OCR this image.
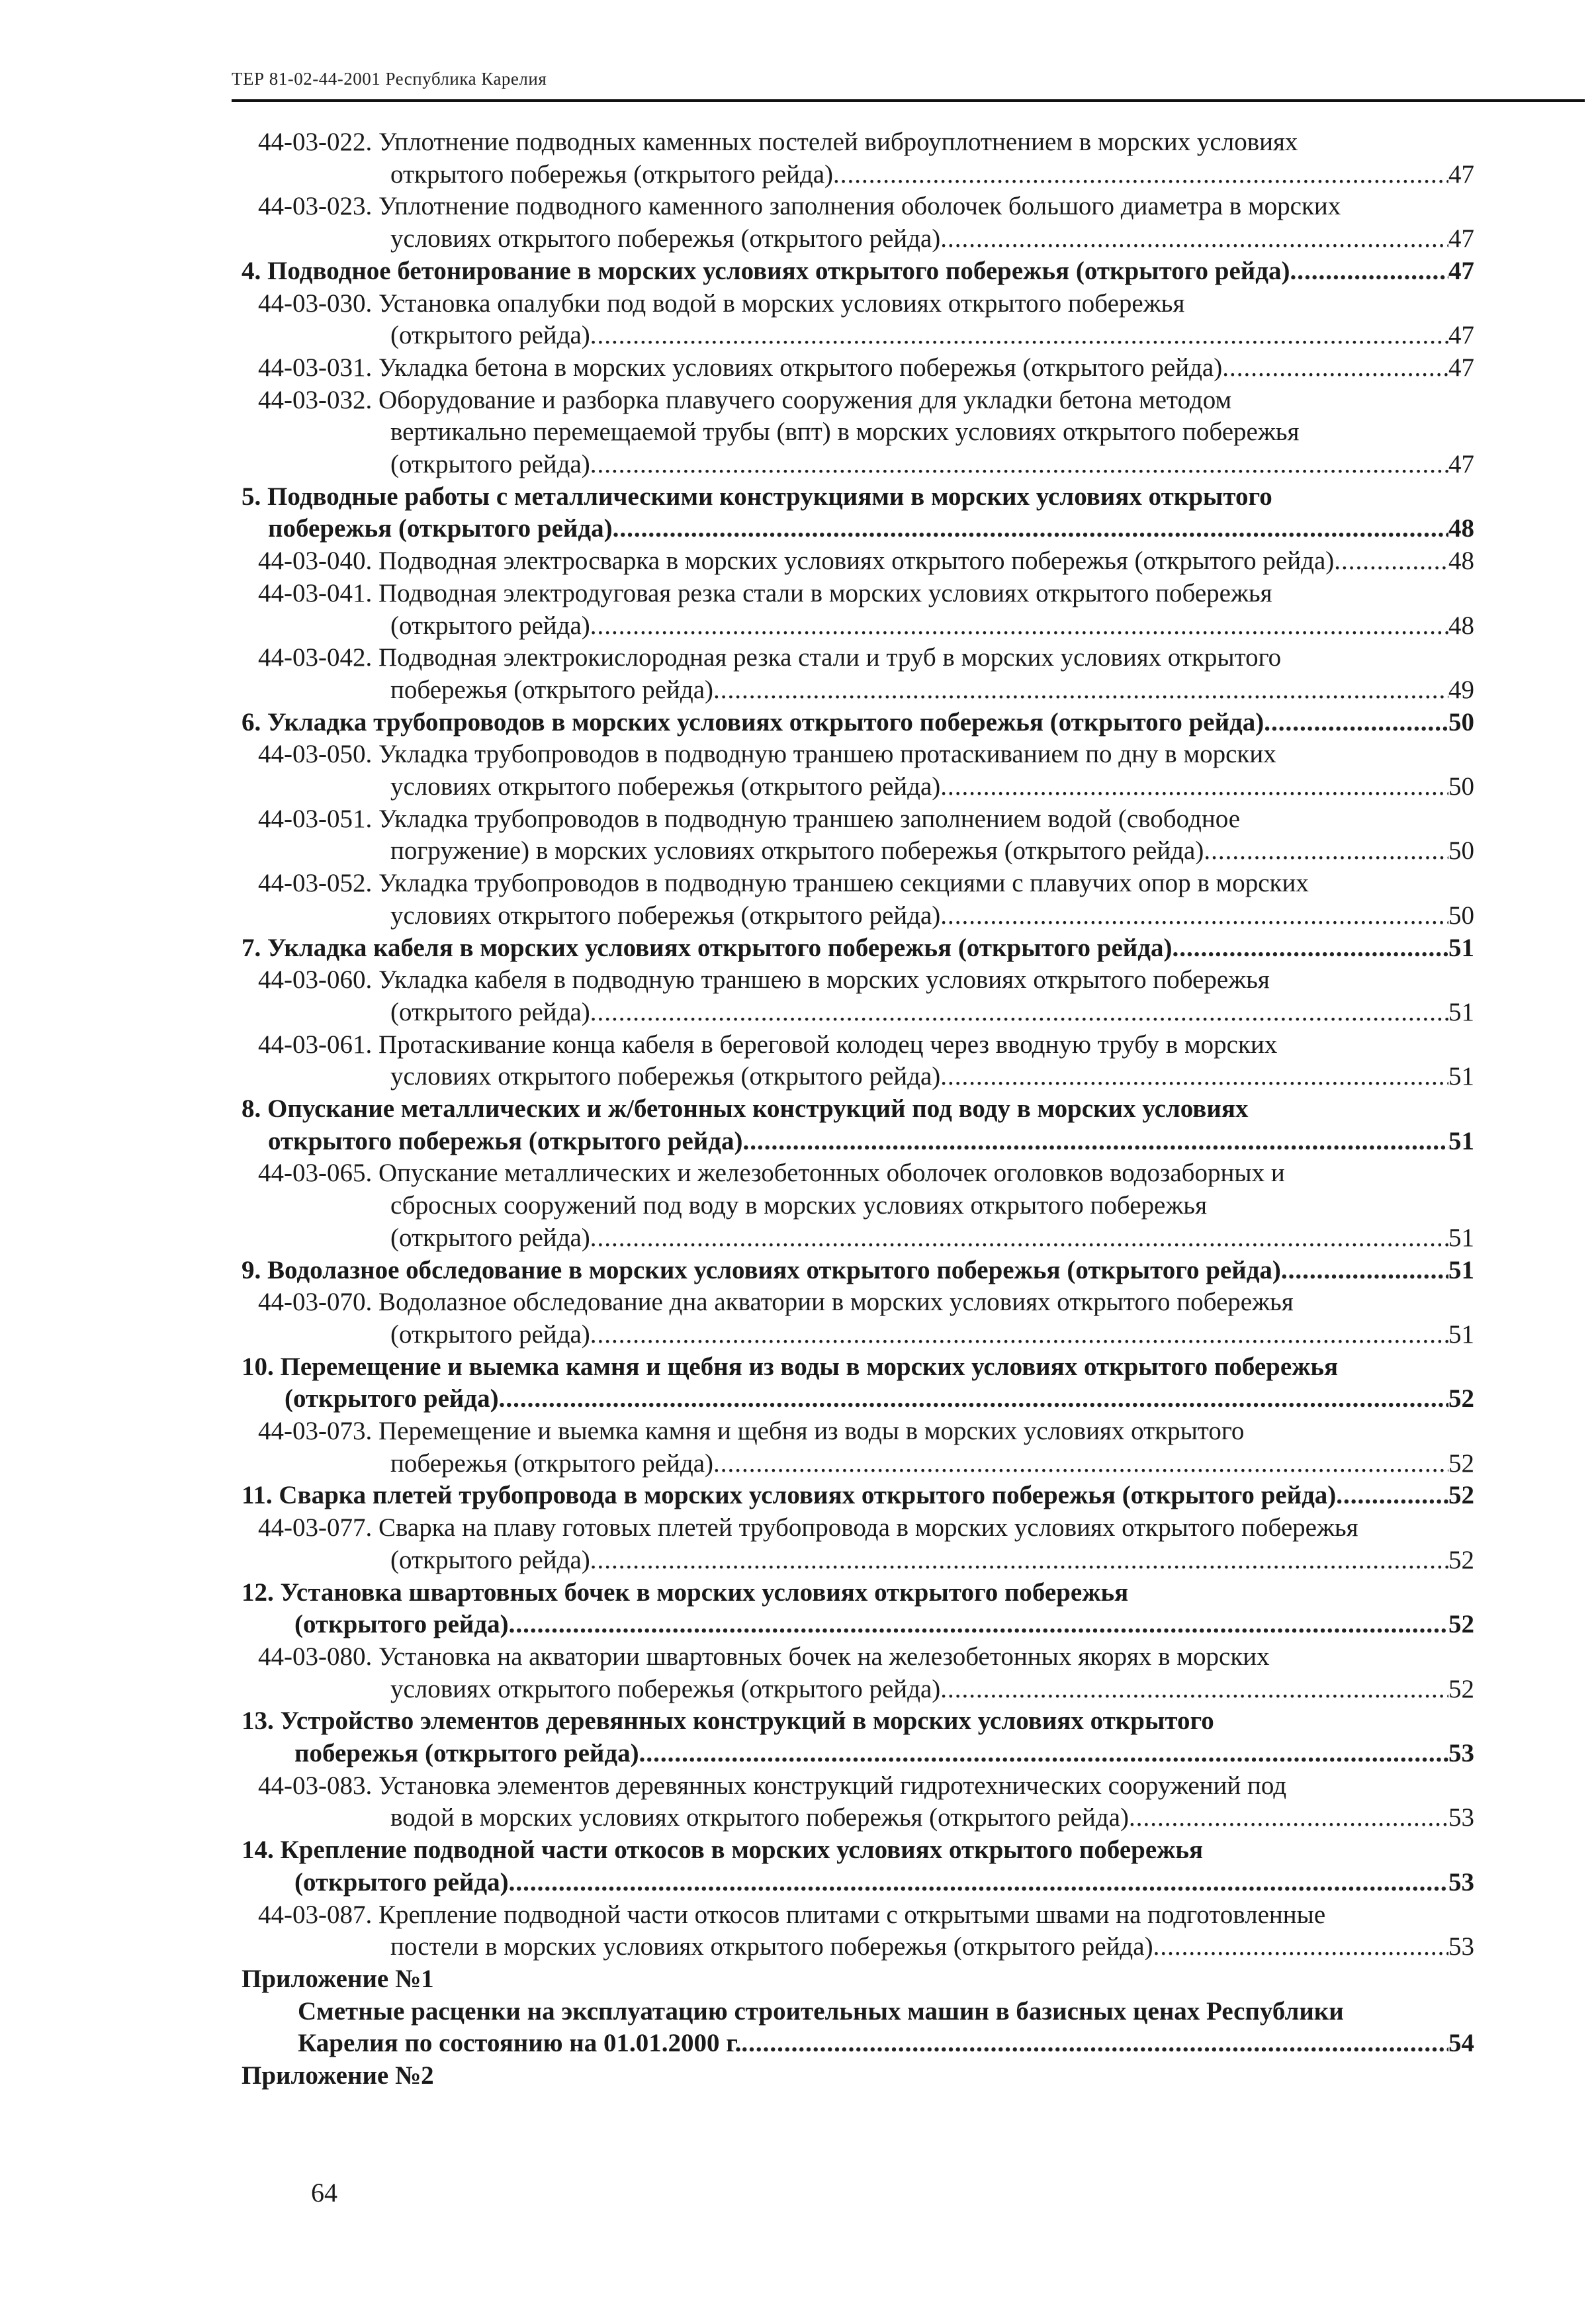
ТЕР 81-02-44-2001 Республика Карелия
44-03-022. Уплотнение подводных каменных постелей виброуплотнением в морских условиях
открытого побережья (открытого рейда) .....	47
44-03-023. Уплотнение подводного каменного заполнения оболочек большого диаметра в морских
условиях открытого побережья (открытого рейда) .....	47
4. Подводное бетонирование в морских условиях открытого побережья (открытого рейда) .....	47
44-03-030. Установка опалубки под водой в морских условиях открытого побережья
(открытого рейда) .....	47
44-03-031. Укладка бетона в морских условиях открытого побережья (открытого рейда) .....	47
44-03-032. Оборудование и разборка плавучего сооружения для укладки бетона методом
вертикально перемещаемой трубы (впт) в морских условиях открытого побережья
(открытого рейда) .....	47
5. Подводные работы с металлическими конструкциями в морских условиях открытого
побережья (открытого рейда) .....	48
44-03-040. Подводная электросварка в морских условиях открытого побережья (открытого рейда) .....	48
44-03-041. Подводная электродуговая резка стали в морских условиях открытого побережья
(открытого рейда) .....	48
44-03-042. Подводная электрокислородная резка стали и труб в морских условиях открытого
побережья (открытого рейда) .....	49
6. Укладка трубопроводов в морских условиях открытого побережья (открытого рейда) .....	50
44-03-050. Укладка трубопроводов в подводную траншею протаскиванием по дну в морских
условиях открытого побережья (открытого рейда) .....	50
44-03-051. Укладка трубопроводов в подводную траншею заполнением водой (свободное
погружение) в морских условиях открытого побережья (открытого рейда) .....	50
44-03-052. Укладка трубопроводов в подводную траншею секциями с плавучих опор в морских
условиях открытого побережья (открытого рейда) .....	50
7. Укладка кабеля в морских условиях открытого побережья (открытого рейда) .....	51
44-03-060. Укладка кабеля в подводную траншею в морских условиях открытого побережья
(открытого рейда) .....	51
44-03-061. Протаскивание конца кабеля в береговой колодец через вводную трубу в морских
условиях открытого побережья (открытого рейда) .....	51
8. Опускание металлических и ж/бетонных конструкций под воду в морских условиях
открытого побережья (открытого рейда) .....	51
44-03-065. Опускание металлических и железобетонных оболочек оголовков водозаборных и
сбросных сооружений под воду в морских условиях открытого побережья
(открытого рейда) .....	51
9. Водолазное обследование в морских условиях открытого побережья (открытого рейда) .....	51
44-03-070. Водолазное обследование дна акватории в морских условиях открытого побережья
(открытого рейда) .....	51
10. Перемещение и выемка камня и щебня из воды в морских условиях открытого побережья
(открытого рейда) .....	52
44-03-073. Перемещение и выемка камня и щебня из воды в морских условиях открытого
побережья (открытого рейда) .....	52
11. Сварка плетей трубопровода в морских условиях открытого побережья (открытого рейда) .....	52
44-03-077. Сварка на плаву готовых плетей трубопровода в морских условиях открытого побережья
(открытого рейда) .....	52
12. Установка швартовных бочек в морских условиях открытого побережья
(открытого рейда) .....	52
44-03-080. Установка на акватории швартовных бочек на железобетонных якорях в морских
условиях открытого побережья (открытого рейда) .....	52
13. Устройство элементов деревянных конструкций в морских условиях открытого
побережья (открытого рейда) .....	53
44-03-083. Установка элементов деревянных конструкций гидротехнических сооружений под
водой в морских условиях открытого побережья (открытого рейда) .....	53
14. Крепление подводной части откосов в морских условиях открытого побережья
(открытого рейда) .....	53
44-03-087. Крепление подводной части откосов плитами с открытыми швами на подготовленные
постели в морских условиях открытого побережья (открытого рейда) .....	53
Приложение №1
Сметные расценки на эксплуатацию строительных машин в базисных ценах Республики
Карелия по состоянию на 01.01.2000 г. .....	54
Приложение №2
64
